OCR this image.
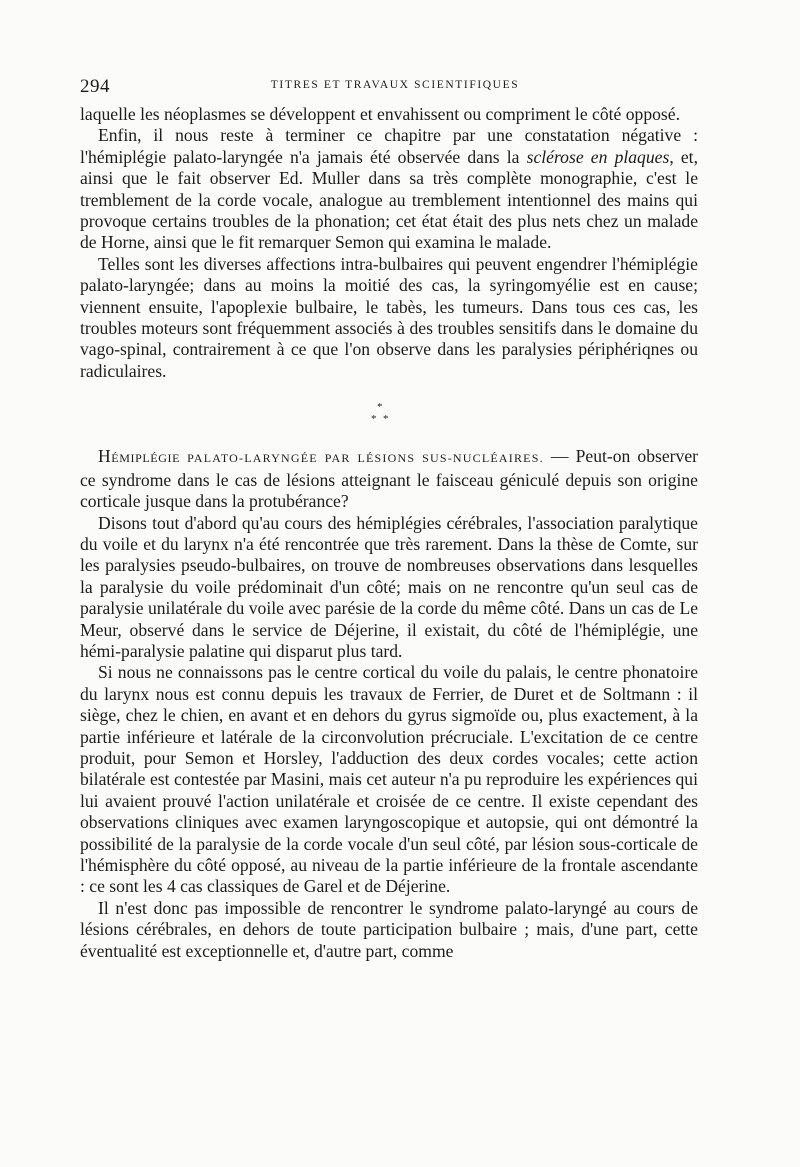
294	TITRES ET TRAVAUX SCIENTIFIQUES

laquelle les néoplasmes se développent et envahissent ou compriment le côté opposé.

Enfin, il nous reste à terminer ce chapitre par une constatation négative : l'hémiplégie palato-laryngée n'a jamais été observée dans la sclérose en plaques, et, ainsi que le fait observer Ed. Muller dans sa très complète monographie, c'est le tremblement de la corde vocale, analogue au tremblement intentionnel des mains qui provoque certains troubles de la phonation; cet état était des plus nets chez un malade de Horne, ainsi que le fit remarquer Semon qui examina le malade.

Telles sont les diverses affections intra-bulbaires qui peuvent engendrer l'hémiplégie palato-laryngée; dans au moins la moitié des cas, la syringomyélie est en cause; viennent ensuite, l'apoplexie bulbaire, le tabès, les tumeurs. Dans tous ces cas, les troubles moteurs sont fréquemment associés à des troubles sensitifs dans le domaine du vago-spinal, contrairement à ce que l'on observe dans les paralysies périphériqnes ou radiculaires.

*
* *

Hémiplégie PALATO-LARYNGÉE PAR LÉSIONS SUS-NUCLÉAIRES. — Peut-on observer ce syndrome dans le cas de lésions atteignant le faisceau géniculé depuis son origine corticale jusque dans la protubérance?

Disons tout d'abord qu'au cours des hémiplégies cérébrales, l'association paralytique du voile et du larynx n'a été rencontrée que très rarement. Dans la thèse de Comte, sur les paralysies pseudo-bulbaires, on trouve de nombreuses observations dans lesquelles la paralysie du voile prédominait d'un côté; mais on ne rencontre qu'un seul cas de paralysie unilatérale du voile avec parésie de la corde du même côté. Dans un cas de Le Meur, observé dans le service de Déjerine, il existait, du côté de l'hémiplégie, une hémi-paralysie palatine qui disparut plus tard.

Si nous ne connaissons pas le centre cortical du voile du palais, le centre phonatoire du larynx nous est connu depuis les travaux de Ferrier, de Duret et de Soltmann : il siège, chez le chien, en avant et en dehors du gyrus sigmoïde ou, plus exactement, à la partie inférieure et latérale de la circonvolution précruciale. L'excitation de ce centre produit, pour Semon et Horsley, l'adduction des deux cordes vocales; cette action bilatérale est contestée par Masini, mais cet auteur n'a pu reproduire les expériences qui lui avaient prouvé l'action unilatérale et croisée de ce centre. Il existe cependant des observations cliniques avec examen laryngoscopique et autopsie, qui ont démontré la possibilité de la paralysie de la corde vocale d'un seul côté, par lésion sous-corticale de l'hémisphère du côté opposé, au niveau de la partie inférieure de la frontale ascendante : ce sont les 4 cas classiques de Garel et de Déjerine.

Il n'est donc pas impossible de rencontrer le syndrome palato-laryngé au cours de lésions cérébrales, en dehors de toute participation bulbaire ; mais, d'une part, cette éventualité est exceptionnelle et, d'autre part, comme
